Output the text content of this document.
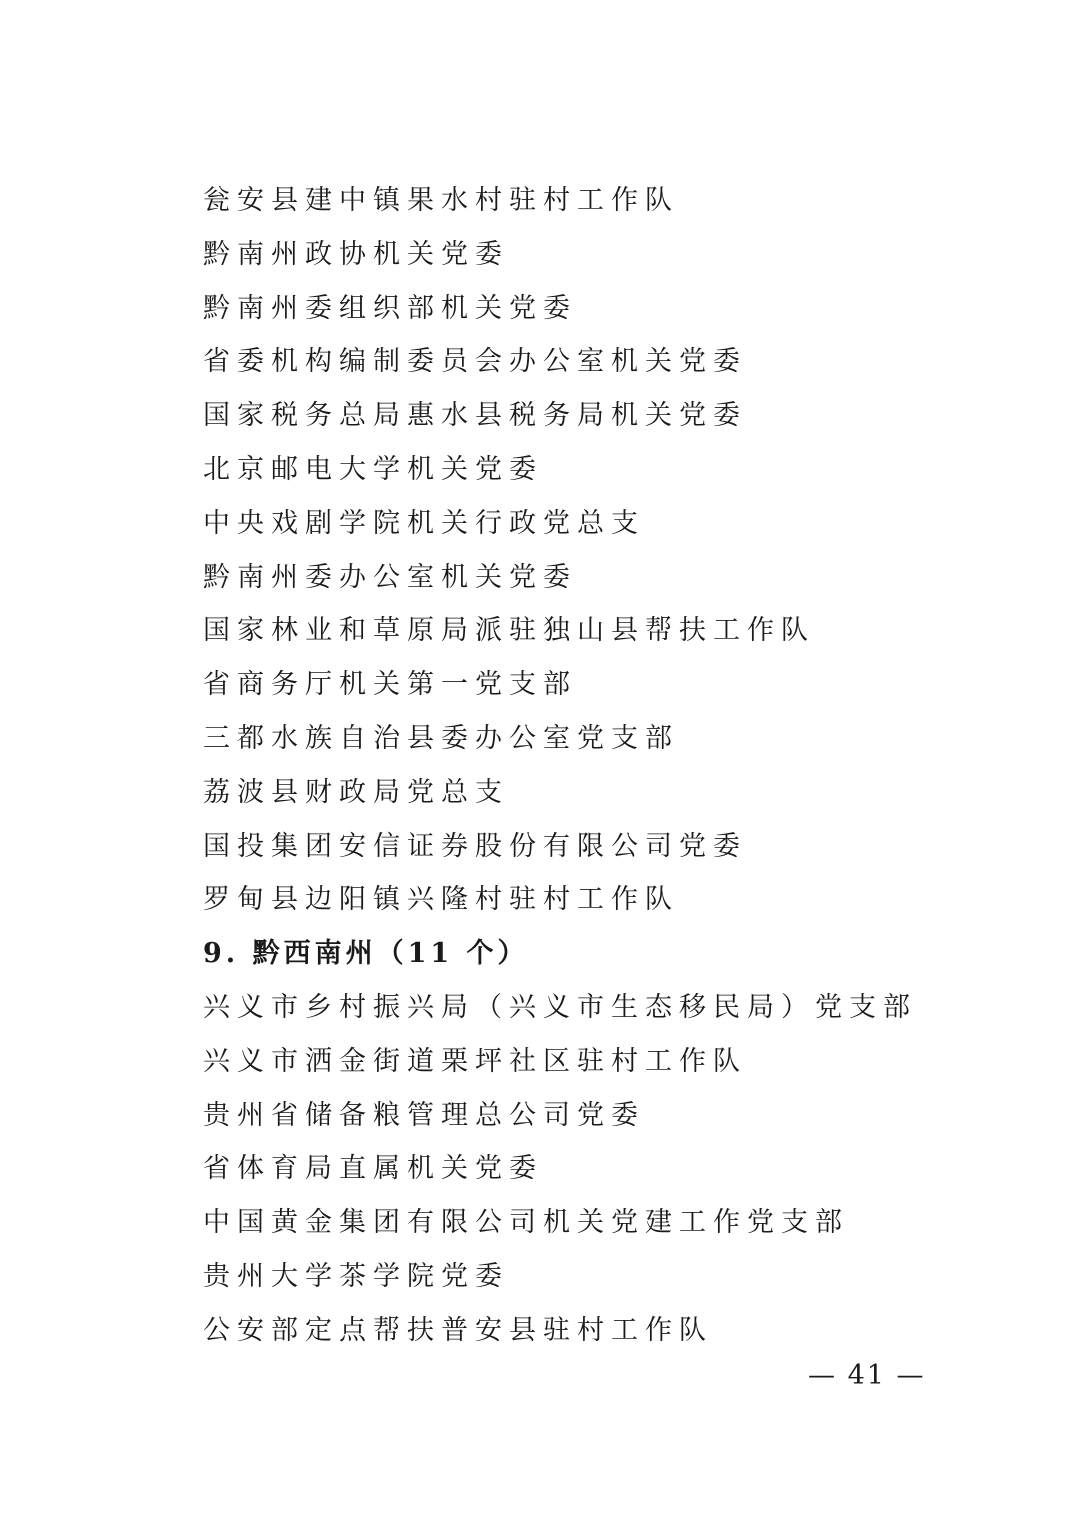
瓮安县建中镇果水村驻村工作队
黔南州政协机关党委
黔南州委组织部机关党委
省委机构编制委员会办公室机关党委
国家税务总局惠水县税务局机关党委
北京邮电大学机关党委
中央戏剧学院机关行政党总支
黔南州委办公室机关党委
国家林业和草原局派驻独山县帮扶工作队
省商务厅机关第一党支部
三都水族自治县委办公室党支部
荔波县财政局党总支
国投集团安信证券股份有限公司党委
罗甸县边阳镇兴隆村驻村工作队
9. 黔西南州（11 个）
兴义市乡村振兴局（兴义市生态移民局）党支部
兴义市洒金街道栗坪社区驻村工作队
贵州省储备粮管理总公司党委
省体育局直属机关党委
中国黄金集团有限公司机关党建工作党支部
贵州大学茶学院党委
公安部定点帮扶普安县驻村工作队
— 41 —
